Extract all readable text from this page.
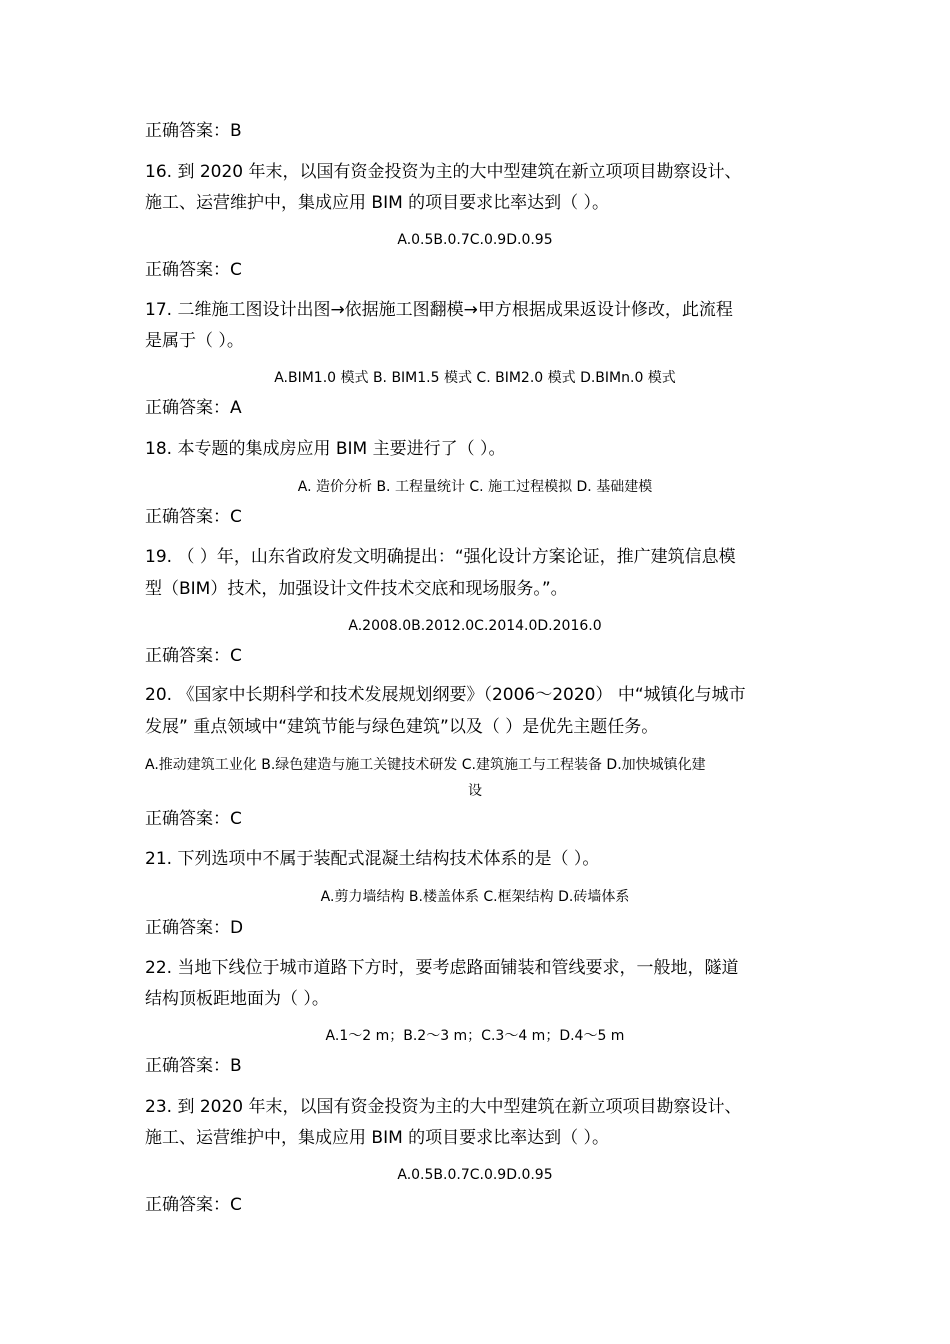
正确答案：B
16. 到 2020 年末，以国有资金投资为主的大中型建筑在新立项项目勘察设计、
施工、运营维护中，集成应用 BIM 的项目要求比率达到（ ）。
A.0.5B.0.7C.0.9D.0.95
正确答案：C
17. 二维施工图设计出图→依据施工图翻模→甲方根据成果返设计修改，此流程
是属于（ ）。
A.BIM1.0 模式 B. BIM1.5 模式 C. BIM2.0 模式 D.BIMn.0 模式
正确答案：A
18. 本专题的集成房应用 BIM 主要进行了（ ）。
A. 造价分析 B. 工程量统计 C. 施工过程模拟 D. 基础建模
正确答案：C
19. （ ）年，山东省政府发文明确提出：“强化设计方案论证，推广建筑信息模
型（BIM）技术，加强设计文件技术交底和现场服务。”。
A.2008.0B.2012.0C.2014.0D.2016.0
正确答案：C
20. 《国家中长期科学和技术发展规划纲要》（2006～2020） 中“城镇化与城市
发展” 重点领域中“建筑节能与绿色建筑”以及（ ）是优先主题任务。
A.推动建筑工业化 B.绿色建造与施工关键技术研发 C.建筑施工与工程装备 D.加快城镇化建
设
正确答案：C
21. 下列选项中不属于装配式混凝土结构技术体系的是（ ）。
A.剪力墙结构 B.楼盖体系 C.框架结构 D.砖墙体系
正确答案：D
22. 当地下线位于城市道路下方时，要考虑路面铺装和管线要求，一般地，隧道
结构顶板距地面为（ ）。
A.1～2 m；B.2～3 m；C.3～4 m；D.4～5 m
正确答案：B
23. 到 2020 年末，以国有资金投资为主的大中型建筑在新立项项目勘察设计、
施工、运营维护中，集成应用 BIM 的项目要求比率达到（ ）。
A.0.5B.0.7C.0.9D.0.95
正确答案：C
